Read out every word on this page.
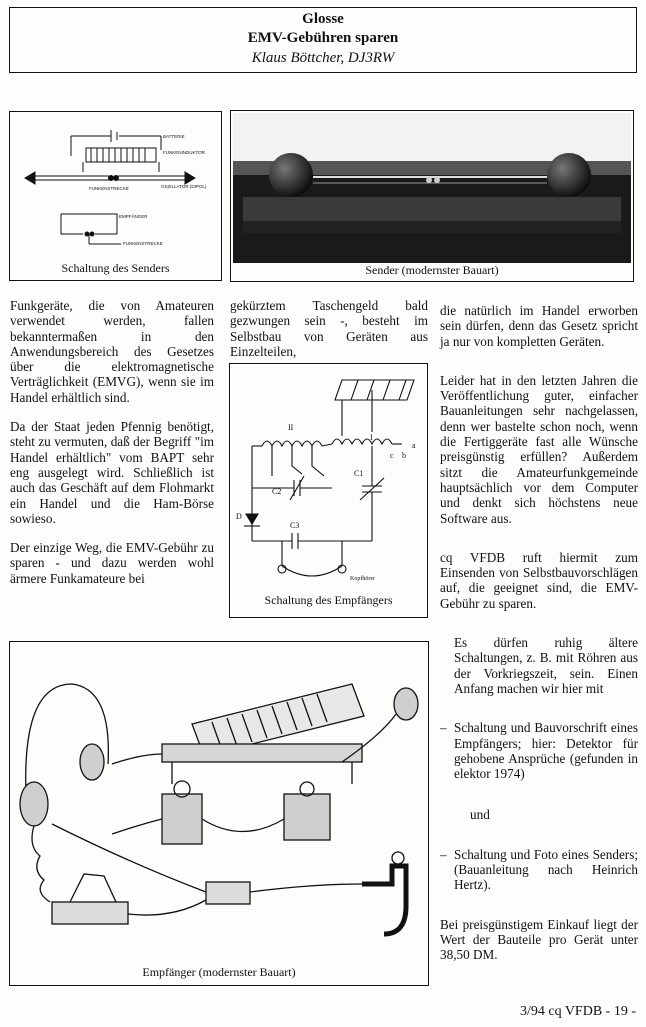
Glosse
EMV-Gebühren sparen
Klaus Böttcher, DJ3RW
BATTERIE
FUNKENINDUKTOR
OSZILLATOR (DIPOL)
FUNKENSTRECKE
EMPFÄNGER
FUNKENSTRECKE
Schaltung des Senders	Sender (modernster Bauart)

Funkgeräte, die von Amateuren verwendet werden, fallen bekanntermaßen in den Anwendungsbereich des Gesetzes über die elektromagnetische Verträglichkeit (EMVG), wenn sie im Handel erhältlich sind.

Da der Staat jeden Pfennig benötigt, steht zu vermuten, daß der Begriff "im Handel erhältlich" vom BAPT sehr eng ausgelegt wird. Schließlich ist auch das Geschäft auf dem Flohmarkt ein Handel und die Ham-Börse sowieso.

Der einzige Weg, die EMV-Gebühr zu sparen - und dazu werden wohl ärmere Funkamateure bei

gekürztem Taschengeld bald gezwungen sein -, besteht im Selbstbau von Geräten aus Einzelteilen,

II
I
c b
a
C2
C1
C3
D
Kopfhörer
Schaltung des Empfängers

die natürlich im Handel erworben sein dürfen, denn das Gesetz spricht ja nur von kompletten Geräten.

Leider hat in den letzten Jahren die Veröffentlichung guter, einfacher Bauanleitungen sehr nachgelassen, denn wer bastelte schon noch, wenn die Fertiggeräte fast alle Wünsche preisgünstig erfüllen? Außerdem sitzt die Amateurfunkgemeinde hauptsächlich vor dem Computer und denkt sich höchstens neue Software aus.

cq VFDB ruft hiermit zum Einsenden von Selbstbauvorschlägen auf, die geeignet sind, die EMV-Gebühr zu sparen.

Es dürfen ruhig ältere Schaltungen, z. B. mit Röhren aus der Vorkriegszeit, sein. Einen Anfang machen wir hier mit

– Schaltung und Bauvorschrift eines Empfängers; hier: Detektor für gehobene Ansprüche (gefunden in elektor 1974)
und
– Schaltung und Foto eines Senders; (Bauanleitung nach Heinrich Hertz).

Bei preisgünstigem Einkauf liegt der Wert der Bauteile pro Gerät unter 38,50 DM.

Empfänger (modernster Bauart)
3/94 cq VFDB - 19 -
